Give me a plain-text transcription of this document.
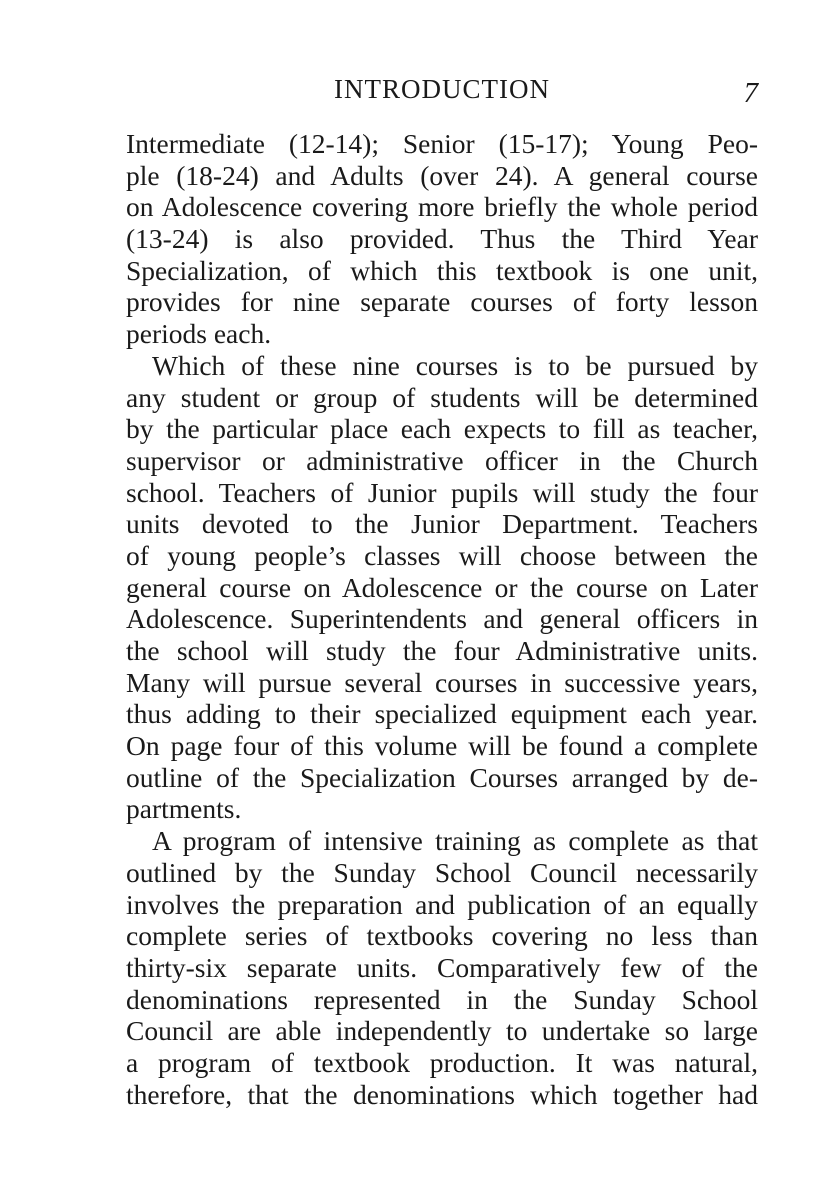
INTRODUCTION	7
Intermediate (12-14); Senior (15-17); Young Peo-
ple (18-24) and Adults (over 24). A general course
on Adolescence covering more briefly the whole period
(13-24) is also provided. Thus the Third Year
Specialization, of which this textbook is one unit,
provides for nine separate courses of forty lesson
periods each.
Which of these nine courses is to be pursued by
any student or group of students will be determined
by the particular place each expects to fill as teacher,
supervisor or administrative officer in the Church
school. Teachers of Junior pupils will study the four
units devoted to the Junior Department. Teachers
of young people’s classes will choose between the
general course on Adolescence or the course on Later
Adolescence. Superintendents and general officers in
the school will study the four Administrative units.
Many will pursue several courses in successive years,
thus adding to their specialized equipment each year.
On page four of this volume will be found a complete
outline of the Specialization Courses arranged by de-
partments.
A program of intensive training as complete as that
outlined by the Sunday School Council necessarily
involves the preparation and publication of an equally
complete series of textbooks covering no less than
thirty-six separate units. Comparatively few of the
denominations represented in the Sunday School
Council are able independently to undertake so large
a program of textbook production. It was natural,
therefore, that the denominations which together had
